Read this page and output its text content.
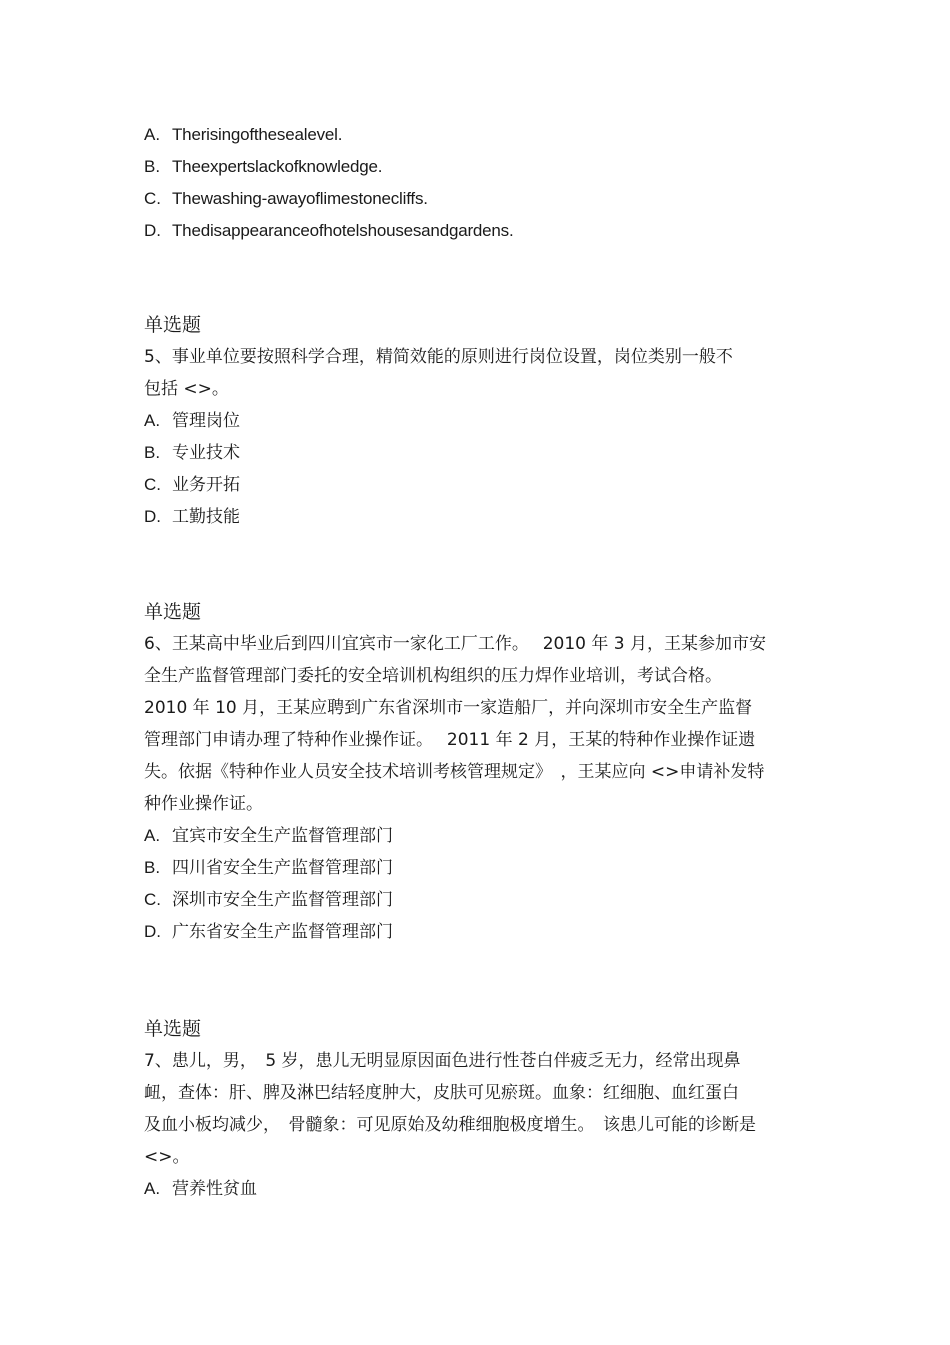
A. Therisingofthesealevel.
B. Theexpertslackofknowledge.
C. Thewashing-awayoflimestonecliffs.
D. Thedisappearanceofhotelshousesandgardens.
单选题
5、事业单位要按照科学合理，精简效能的原则进行岗位设置，岗位类别一般不
包括 <>。
A. 管理岗位
B. 专业技术
C. 业务开拓
D. 工勤技能
单选题
6、王某高中毕业后到四川宜宾市一家化工厂工作。　 2010 年 3 月，王某参加市安
全生产监督管理部门委托的安全培训机构组织的压力焊作业培训，考试合格。
2010 年 10 月，王某应聘到广东省深圳市一家造船厂，并向深圳市安全生产监督
管理部门申请办理了特种作业操作证。　 2011 年 2 月，王某的特种作业操作证遗
失。依据《特种作业人员安全技术培训考核管理规定》　，王某应向 <>申请补发特
种作业操作证。
A. 宜宾市安全生产监督管理部门
B. 四川省安全生产监督管理部门
C. 深圳市安全生产监督管理部门
D. 广东省安全生产监督管理部门
单选题
7、患儿，男，　5 岁，患儿无明显原因面色进行性苍白伴疲乏无力，经常出现鼻
衄，查体：肝、脾及淋巴结轻度肿大，皮肤可见瘀斑。血象：红细胞、血红蛋白
及血小板均减少，　骨髓象：可见原始及幼稚细胞极度增生。　该患儿可能的诊断是
<>。
A. 营养性贫血
